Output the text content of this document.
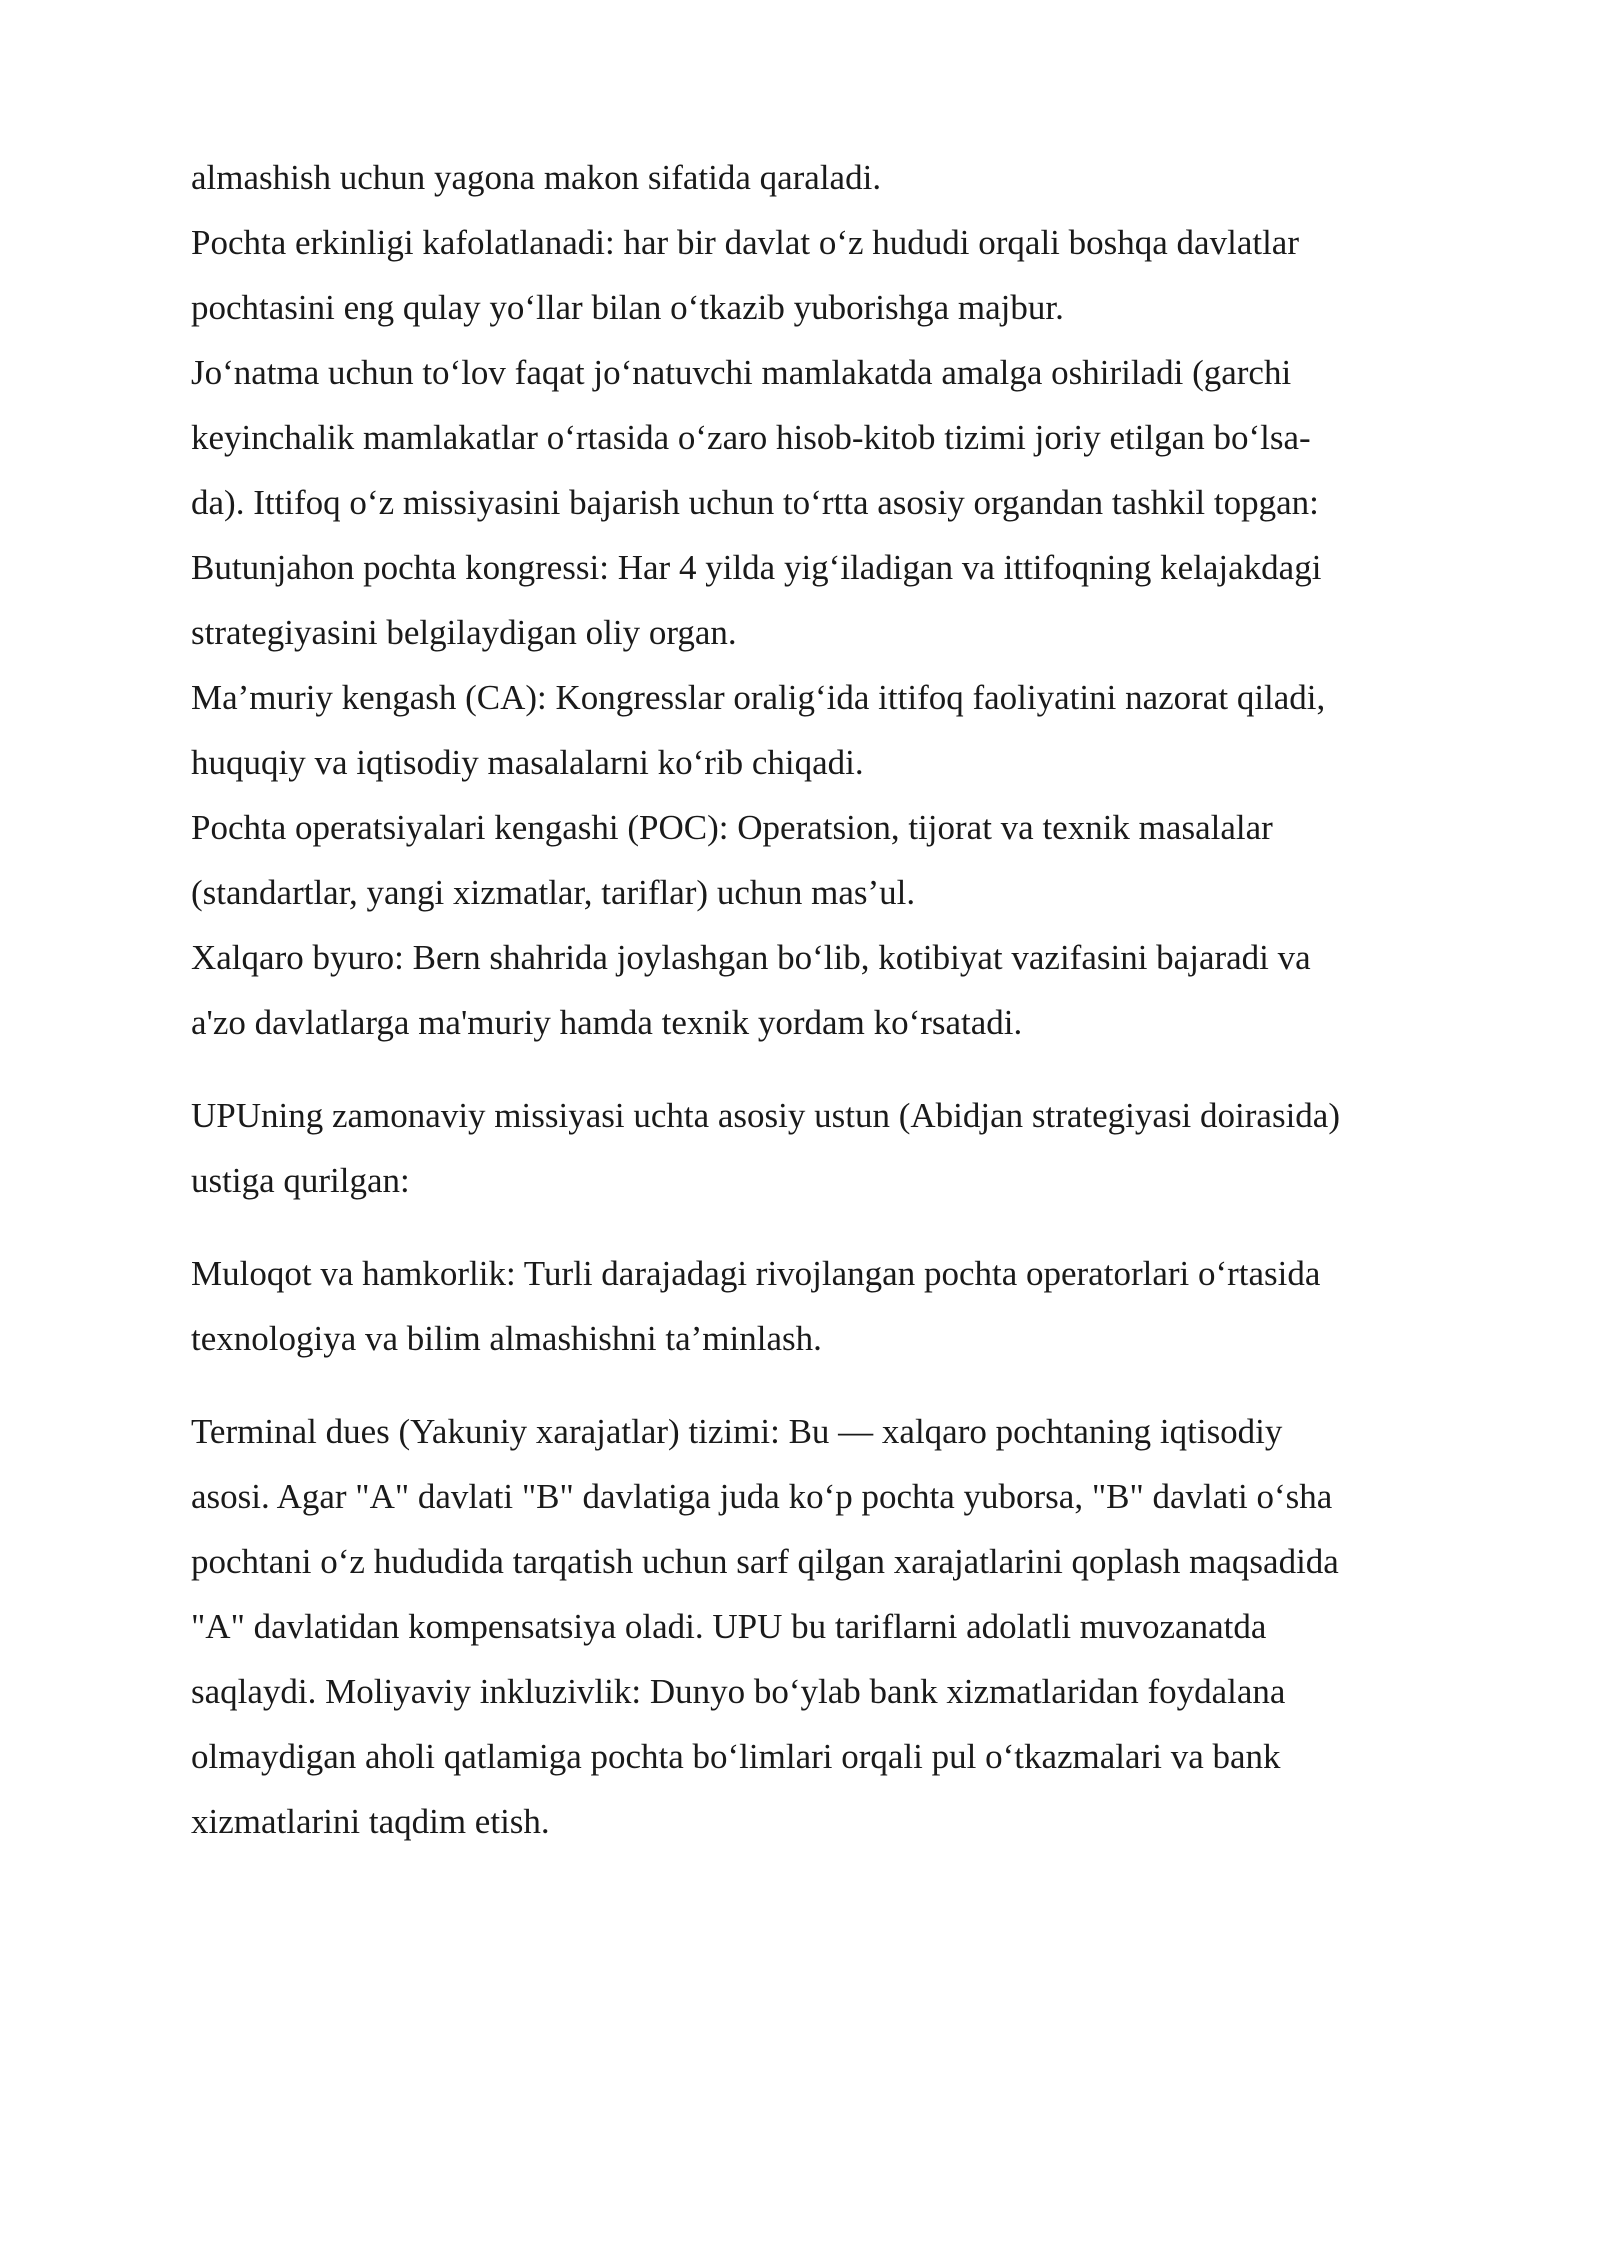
almashish uchun yagona makon sifatida qaraladi.

Pochta erkinligi kafolatlanadi: har bir davlat o‘z hududi orqali boshqa davlatlar

pochtasini eng qulay yo‘llar bilan o‘tkazib yuborishga majbur.

Jo‘natma uchun to‘lov faqat jo‘natuvchi mamlakatda amalga oshiriladi (garchi

keyinchalik mamlakatlar o‘rtasida o‘zaro hisob-kitob tizimi joriy etilgan bo‘lsa-

da). Ittifoq o‘z missiyasini bajarish uchun to‘rtta asosiy organdan tashkil topgan:

Butunjahon pochta kongressi: Har 4 yilda yig‘iladigan va ittifoqning kelajakdagi

strategiyasini belgilaydigan oliy organ.

Ma’muriy kengash (CA): Kongresslar oralig‘ida ittifoq faoliyatini nazorat qiladi,

huquqiy va iqtisodiy masalalarni ko‘rib chiqadi.

Pochta operatsiyalari kengashi (POC): Operatsion, tijorat va texnik masalalar

(standartlar, yangi xizmatlar, tariflar) uchun mas’ul.

Xalqaro byuro: Bern shahrida joylashgan bo‘lib, kotibiyat vazifasini bajaradi va

a'zo davlatlarga ma'muriy hamda texnik yordam ko‘rsatadi.

UPUning zamonaviy missiyasi uchta asosiy ustun (Abidjan strategiyasi doirasida)

ustiga qurilgan:

Muloqot va hamkorlik: Turli darajadagi rivojlangan pochta operatorlari o‘rtasida

texnologiya va bilim almashishni ta’minlash.

Terminal dues (Yakuniy xarajatlar) tizimi: Bu — xalqaro pochtaning iqtisodiy

asosi. Agar "A" davlati "B" davlatiga juda ko‘p pochta yuborsa, "B" davlati o‘sha

pochtani o‘z hududida tarqatish uchun sarf qilgan xarajatlarini qoplash maqsadida

"A" davlatidan kompensatsiya oladi. UPU bu tariflarni adolatli muvozanatda

saqlaydi. Moliyaviy inkluzivlik: Dunyo bo‘ylab bank xizmatlaridan foydalana

olmaydigan aholi qatlamiga pochta bo‘limlari orqali pul o‘tkazmalari va bank

xizmatlarini taqdim etish.
